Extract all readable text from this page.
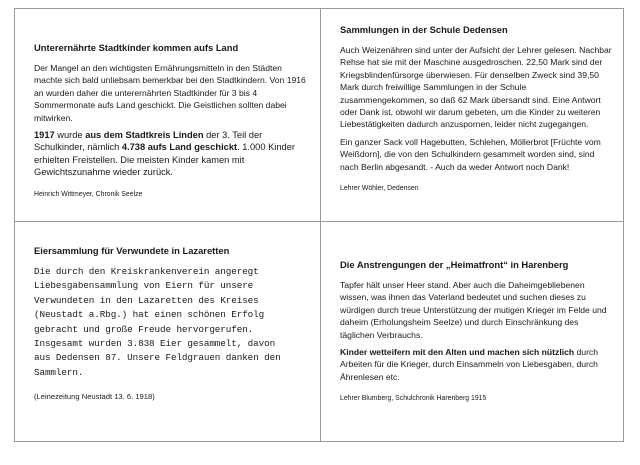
Unterernährte Stadtkinder kommen aufs Land

Der Mangel an den wichtigsten Ernährungsmitteln in den Städten machte sich bald unliebsam bemerkbar bei den Stadtkindern. Von 1916 an wurden daher die unterernährten Stadtkinder für 3 bis 4 Sommermonate aufs Land geschickt. Die Geistlichen sollten dabei mitwirken.

1917 wurde aus dem Stadtkreis Linden der 3. Teil der Schulkinder, nämlich 4.738 aufs Land geschickt. 1.000 Kinder erhielten Freistellen. Die meisten Kinder kamen mit Gewichtszunahme wieder zurück.

Heinrich Wittmeyer, Chronik Seelze

Sammlungen in der Schule Dedensen

Auch Weizenähren sind unter der Aufsicht der Lehrer gelesen. Nachbar Rehse hat sie mit der Maschine ausgedroschen. 22,50 Mark sind der Kriegsblindenfürsorge überwiesen. Für denselben Zweck sind 39,50 Mark durch freiwillige Sammlungen in der Schule zusammengekommen, so daß 62 Mark übersandt sind. Eine Antwort oder Dank ist, obwohl wir darum gebeten, um die Kinder zu weiteren Liebestätigkeiten dadurch anzuspornen, leider nicht zugegangen.

Ein ganzer Sack voll Hagebutten, Schlehen, Möllerbrot [Früchte vom Weißdorn], die von den Schulkindern gesammelt worden sind, sind nach Berlin abgesandt. - Auch da weder Antwort noch Dank!

Lehrer Wöhler, Dedensen

Eiersammlung für Verwundete in Lazaretten
Die durch den Kreiskrankenverein angeregt
Liebesgabensammlung von Eiern für unsere
Verwundeten in den Lazaretten des Kreises
(Neustadt a.Rbg.) hat einen schönen Erfolg
gebracht und große Freude hervorgerufen.
Insgesamt wurden 3.838 Eier gesammelt, davon
aus Dedensen 87. Unsere Feldgrauen danken den
Sammlern.

(Leinezeitung Neustadt 13. 6. 1918)

Die Anstrengungen der „Heimatfront“ in Harenberg

Tapfer hält unser Heer stand. Aber auch die Daheimgebliebenen wissen, was ihnen das Vaterland bedeutet und suchen dieses zu würdigen durch treue Unterstützung der mutigen Krieger im Felde und daheim (Erholungsheim Seelze) und durch Einschränkung des täglichen Verbrauchs.

Kinder wetteifern mit den Alten und machen sich nützlich durch Arbeiten für die Krieger, durch Einsammeln von Liebesgaben, durch Ährenlesen etc.

Lehrer Blumberg, Schulchronik Harenberg 1915
